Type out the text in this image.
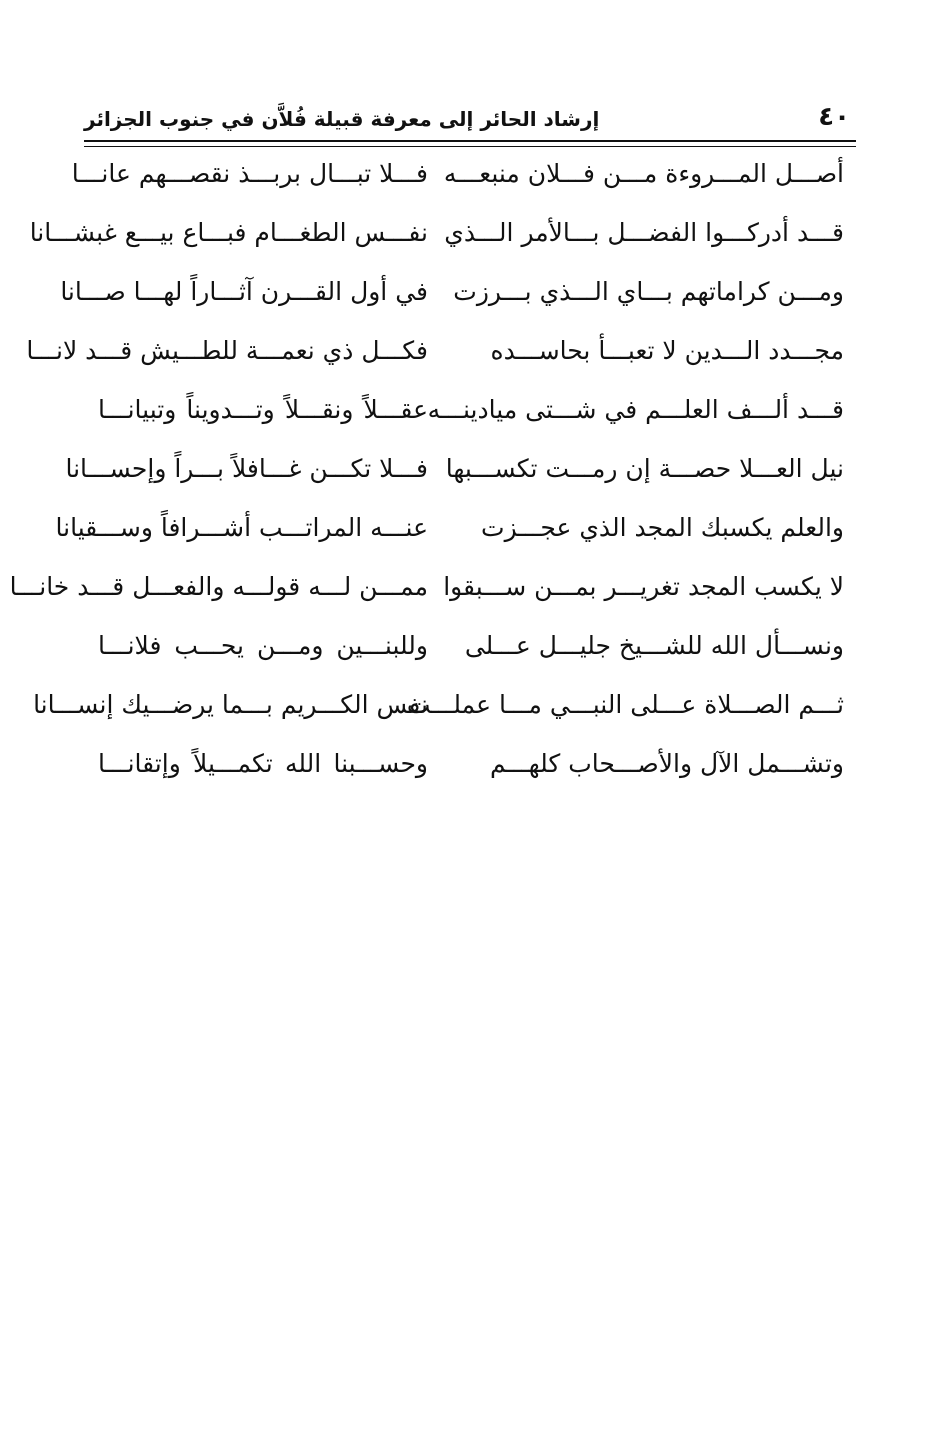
٤٠
إرشاد الحائر إلى معرفة قبيلة فُلاَّن في جنوب الجزائر
أصـــل المـــروءة مـــن فـــلان منبعـــه
فـــلا تبـــال بربـــذ نقصـــهم عانـــا
قـــد أدركـــوا الفضـــل بـــالأمر الـــذي
نفـــس الطغـــام فبـــاع بيـــع غبشـــانا
ومـــن كراماتهم بـــاي الـــذي بـــرزت
في أول القـــرن آثـــاراً لهـــا صـــانا
مجـــدد الـــدين لا تعبـــأ بحاســـده
فكـــل ذي نعمـــة للطـــيش قـــد لانـــا
قـــد ألـــف العلـــم في شـــتى ميادينـــه
عقـــلاً ونقـــلاً وتـــدويناً وتبيانـــا
نيل العـــلا حصـــة إن رمـــت تكســـبها
فـــلا تكـــن غـــافلاً بـــراً وإحســـانا
والعلم يكسبك المجد الذي عجـــزت
عنـــه المراتـــب أشـــرافاً وســـقيانا
لا يكسب المجد تغريـــر بمـــن ســـبقوا
ممـــن لـــه قولـــه والفعـــل قـــد خانـــا
ونســـأل الله للشـــيخ جليـــل عـــلى
وللبنـــين ومـــن يحـــب فلانـــا
ثـــم الصـــلاة عـــلى النبـــي مـــا عملـــت
نفس الكـــريم بـــما يرضـــيك إنســـانا
وتشـــمل الآل والأصـــحاب كلهـــم
وحســـبنا الله تكمـــيلاً وإتقانـــا
